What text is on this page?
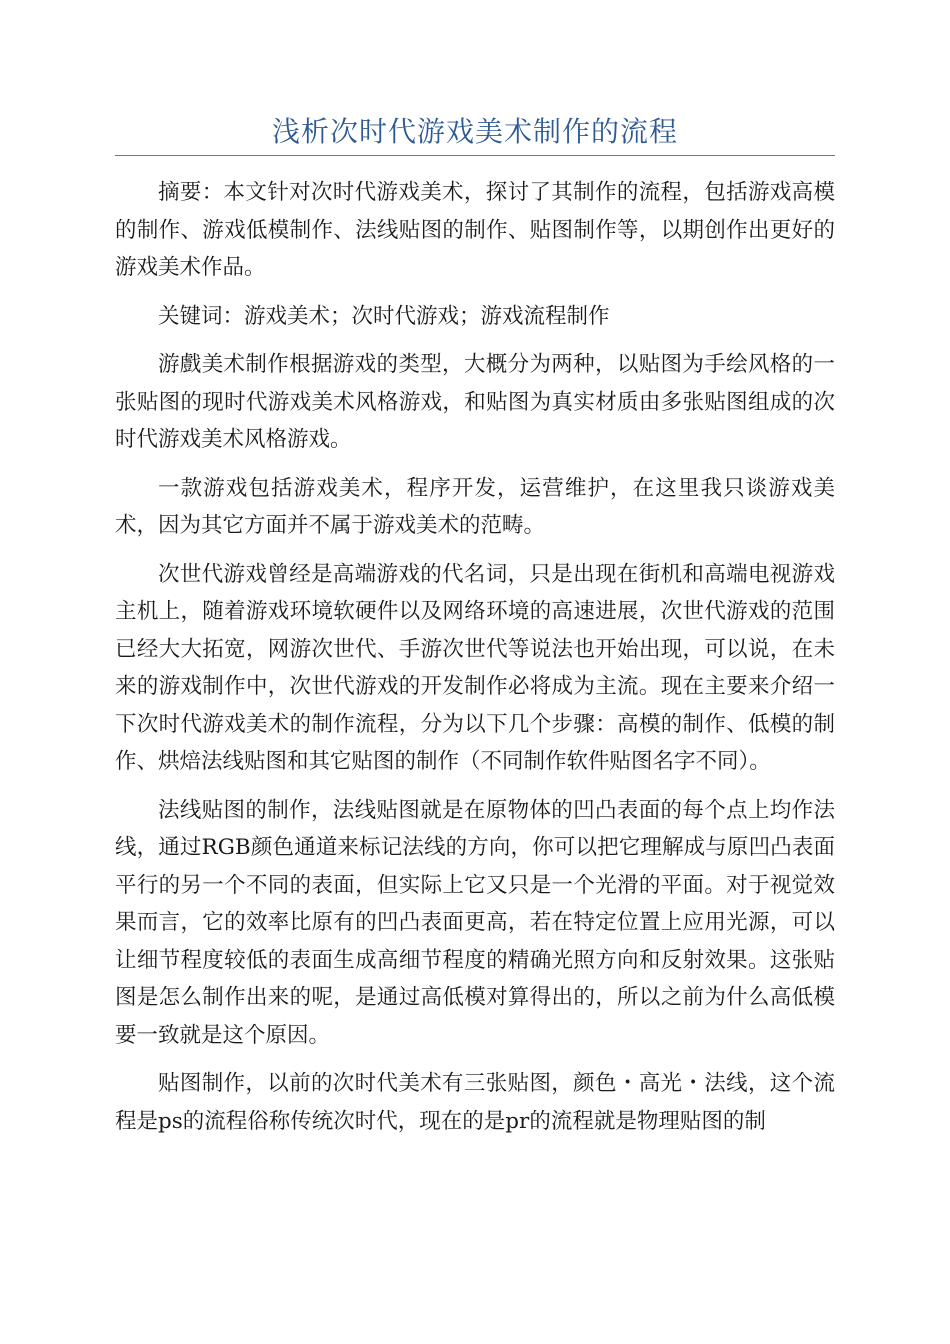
浅析次时代游戏美术制作的流程

摘要：本文针对次时代游戏美术，探讨了其制作的流程，包括游戏高模的制作、游戏低模制作、法线贴图的制作、贴图制作等，以期创作出更好的游戏美术作品。

关键词：游戏美术；次时代游戏；游戏流程制作

游戲美术制作根据游戏的类型，大概分为两种，以贴图为手绘风格的一张贴图的现时代游戏美术风格游戏，和贴图为真实材质由多张贴图组成的次时代游戏美术风格游戏。

一款游戏包括游戏美术，程序开发，运营维护，在这里我只谈游戏美术，因为其它方面并不属于游戏美术的范畴。

次世代游戏曾经是高端游戏的代名词，只是出现在街机和高端电视游戏主机上，随着游戏环境软硬件以及网络环境的高速进展，次世代游戏的范围已经大大拓宽，网游次世代、手游次世代等说法也开始出现，可以说，在未来的游戏制作中，次世代游戏的开发制作必将成为主流。现在主要来介绍一下次时代游戏美术的制作流程，分为以下几个步骤：高模的制作、低模的制作、烘焙法线贴图和其它贴图的制作（不同制作软件贴图名字不同）。

法线贴图的制作，法线贴图就是在原物体的凹凸表面的每个点上均作法线，通过RGB颜色通道来标记法线的方向，你可以把它理解成与原凹凸表面平行的另一个不同的表面，但实际上它又只是一个光滑的平面。对于视觉效果而言，它的效率比原有的凹凸表面更高，若在特定位置上应用光源，可以让细节程度较低的表面生成高细节程度的精确光照方向和反射效果。这张贴图是怎么制作出来的呢，是通过高低模对算得出的，所以之前为什么高低模要一致就是这个原因。

贴图制作，以前的次时代美术有三张贴图，颜色・高光・法线，这个流程是ps的流程俗称传统次时代，现在的是pr的流程就是物理贴图的制
